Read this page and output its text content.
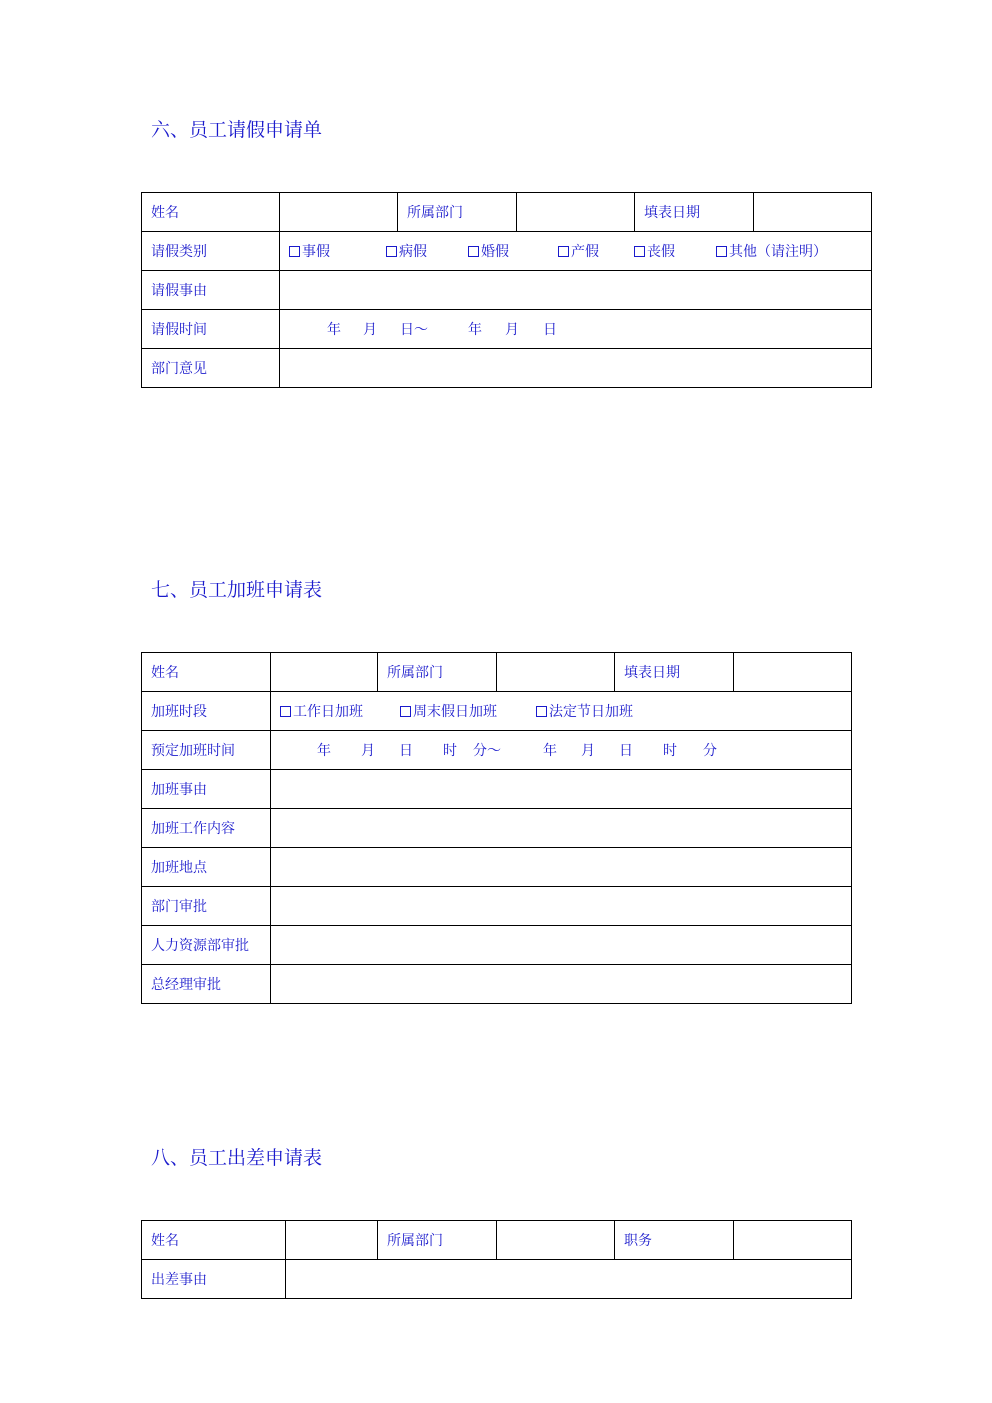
六、员工请假申请单
姓名		所属部门		填表日期	
请假类别	事假 病假 婚假 产假 丧假 其他（请注明）				
请假事由					
请假时间	年 月 日～ 年 月 日				
部门意见					
七、员工加班申请表
姓名		所属部门		填表日期	
加班时段	工作日加班 周末假日加班 法定节日加班				
预定加班时间	年 月 日 时 分～ 年 月 日 时 分				
加班事由					
加班工作内容					
加班地点					
部门审批					
人力资源部审批					
总经理审批					
八、员工出差申请表
姓名		所属部门		职务	
出差事由					
